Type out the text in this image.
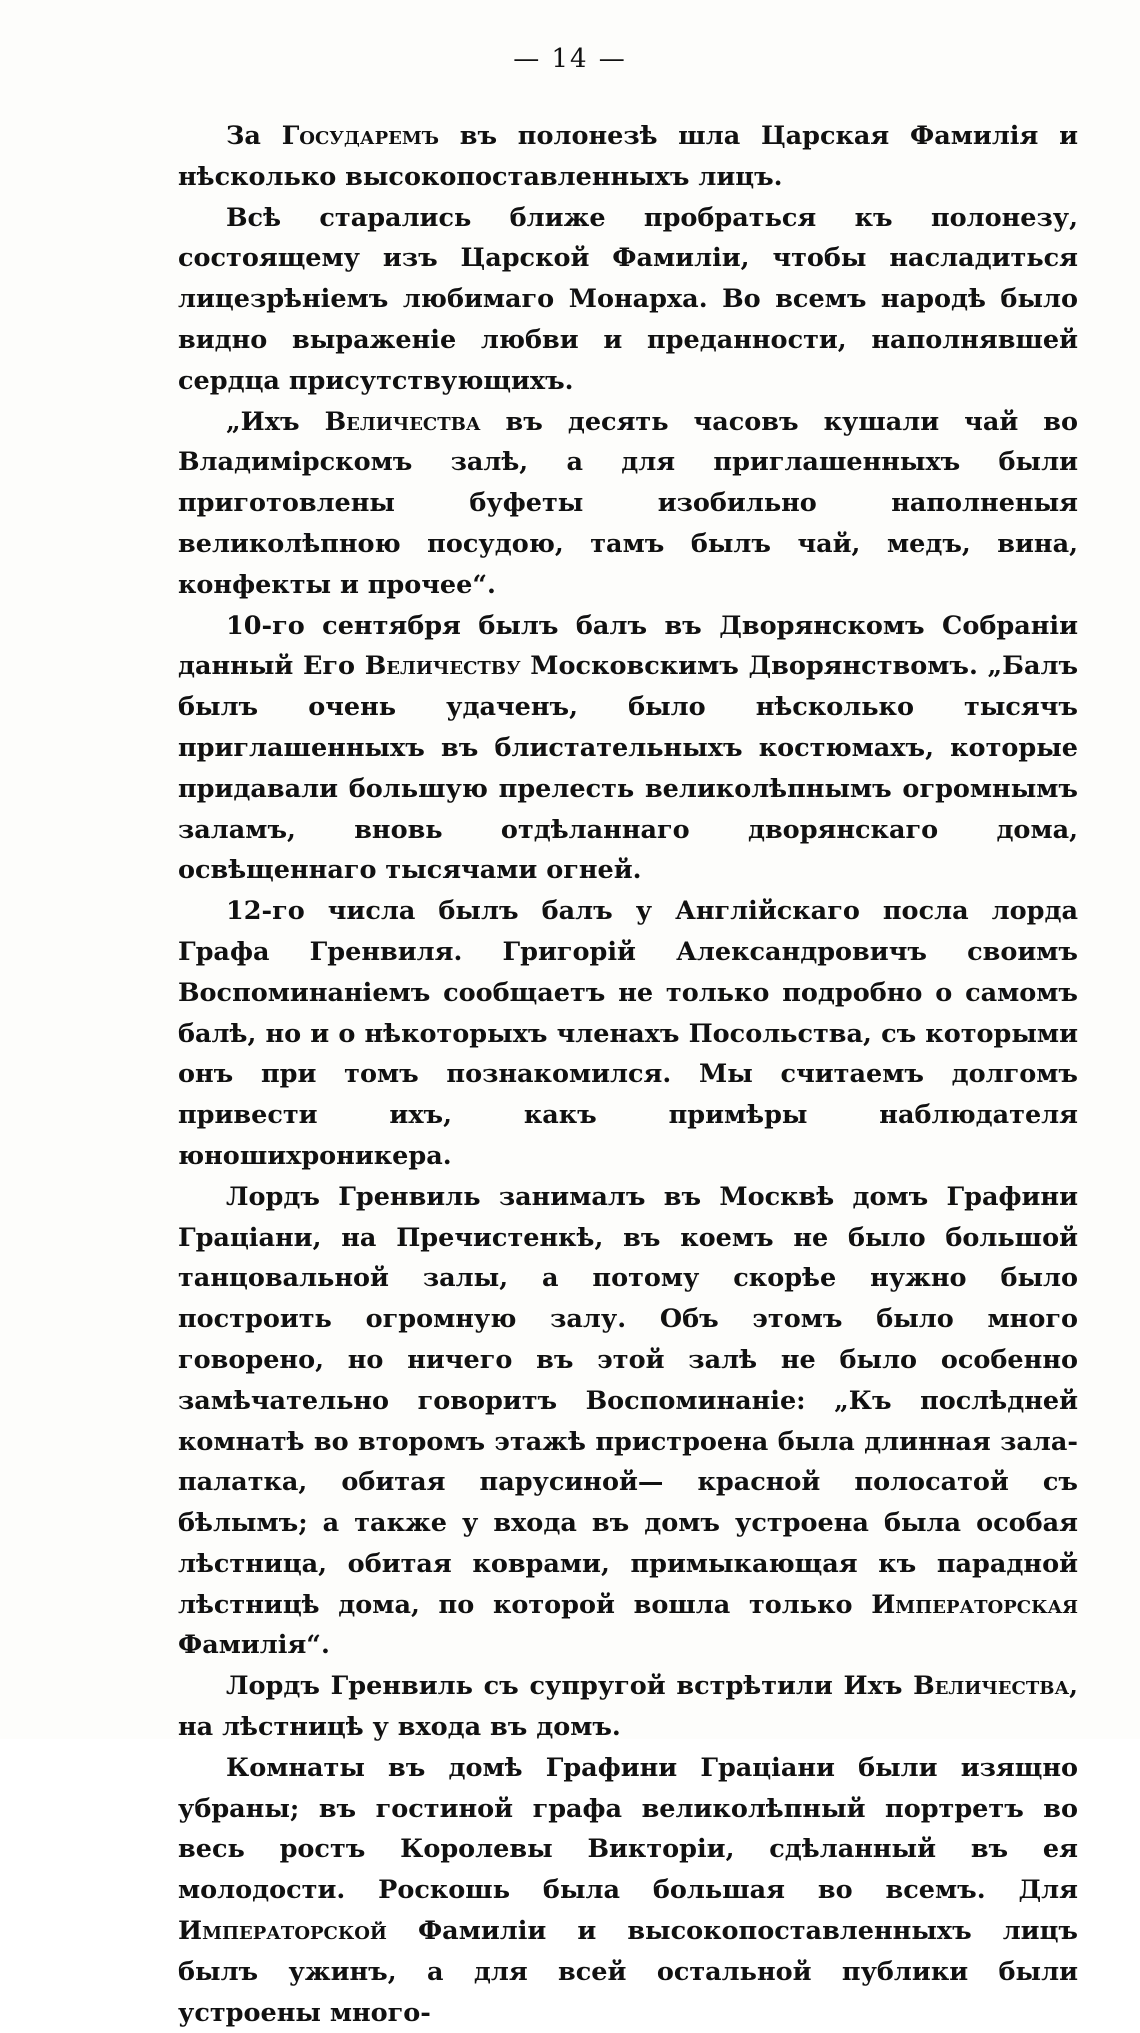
— 14 —

За Государемъ въ полонезѣ шла Царская Фамилія и нѣсколько высокопоставленныхъ лицъ.

Всѣ старались ближе пробраться къ полонезу, состоящему изъ Царской Фамиліи, чтобы насладиться лицезрѣніемъ любимаго Монарха. Во всемъ народѣ было видно выраженіе любви и преданности, наполнявшей сердца присутствующихъ.

„Ихъ Величества въ десять часовъ кушали чай во Владимірскомъ залѣ, а для приглашенныхъ были приготовлены буфеты изобильно наполненыя великолѣпною посудою, тамъ былъ чай, медъ, вина, конфекты и прочее“.

10-го сентября былъ балъ въ Дворянскомъ Собраніи данный Его Величеству Московскимъ Дворянствомъ. „Балъ былъ очень удаченъ, было нѣсколько тысячъ приглашенныхъ въ блистательныхъ костюмахъ, которые придавали большую прелесть великолѣпнымъ огромнымъ заламъ, вновь отдѣланнаго дворянскаго дома, освѣщеннаго тысячами огней.

12-го числа былъ балъ у Англійскаго посла лорда Графа Гренвиля. Григорій Александровичъ своимъ Воспоминаніемъ сообщаетъ не только подробно о самомъ балѣ, но и о нѣкоторыхъ членахъ Посольства, съ которыми онъ при томъ познакомился. Мы считаемъ долгомъ привести ихъ, какъ примѣры наблюдателя юношихроникера.

Лордъ Гренвиль занималъ въ Москвѣ домъ Графини Граціани, на Пречистенкѣ, въ коемъ не было большой танцовальной залы, а потому скорѣе нужно было построить огромную залу. Объ этомъ было много говорено, но ничего въ этой залѣ не было особенно замѣчательно говоритъ Воспоминаніе: „Къ послѣдней комнатѣ во второмъ этажѣ пристроена была длинная зала-палатка, обитая парусиной— красной полосатой съ бѣлымъ; а также у входа въ домъ устроена была особая лѣстница, обитая коврами, примыкающая къ парадной лѣстницѣ дома, по которой вошла только Императорская Фамилія“.

Лордъ Гренвиль съ супругой встрѣтили Ихъ Величества, на лѣстницѣ у входа въ домъ.

Комнаты въ домѣ Графини Граціани были изящно убраны; въ гостиной графа великолѣпный портретъ во весь ростъ Королевы Викторіи, сдѣланный въ ея молодости. Роскошь была большая во всемъ. Для Императорской Фамиліи и высокопоставленныхъ лицъ былъ ужинъ, а для всей остальной публики были устроены много-
